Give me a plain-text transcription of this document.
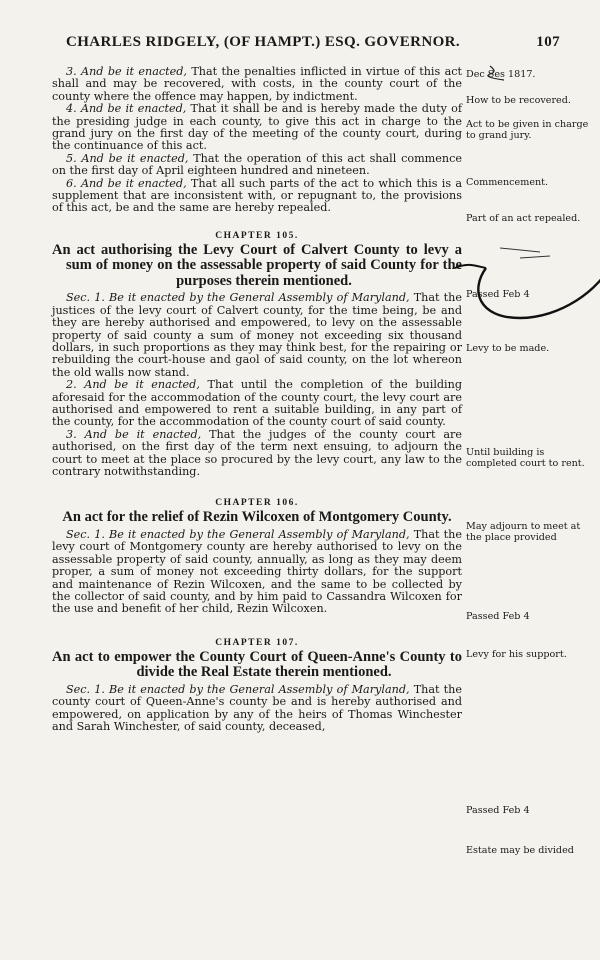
CHARLES RIDGELY, (OF HAMPT.) ESQ. GOVERNOR.	107

3. And be it enacted, That the penalties inflicted in virtue of this act shall and may be recovered, with costs, in the county court of the county where the offence may happen, by indictment.

4. And be it enacted, That it shall be and is hereby made the duty of the presiding judge in each county, to give this act in charge to the grand jury on the first day of the meeting of the county court, during the continuance of this act.

5. And be it enacted, That the operation of this act shall commence on the first day of April eighteen hundred and nineteen.

6. And be it enacted, That all such parts of the act to which this is a supplement that are inconsistent with, or repugnant to, the provisions of this act, be and the same are hereby repealed.

CHAPTER 105.

An act authorising the Levy Court of Calvert County to levy a sum of money on the assessable property of said County for the purposes therein mentioned.

Sec. 1. Be it enacted by the General Assembly of Maryland, That the justices of the levy court of Calvert county, for the time being, be and they are hereby authorised and empowered, to levy on the assessable property of said county a sum of money not exceeding six thousand dollars, in such proportions as they may think best, for the repairing or rebuilding the court-house and gaol of said county, on the lot whereon the old walls now stand.

2. And be it enacted, That until the completion of the building aforesaid for the accommodation of the county court, the levy court are authorised and empowered to rent a suitable building, in any part of the county, for the accommodation of the county court of said county.

3. And be it enacted, That the judges of the county court are authorised, on the first day of the term next ensuing, to adjourn the court to meet at the place so procured by the levy court, any law to the contrary notwithstanding.

CHAPTER 106.

An act for the relief of Rezin Wilcoxen of Montgomery County.

Sec. 1. Be it enacted by the General Assembly of Maryland, That the levy court of Montgomery county are hereby authorised to levy on the assessable property of said county, annually, as long as they may deem proper, a sum of money not exceeding thirty dollars, for the support and maintenance of Rezin Wilcoxen, and the same to be collected by the collector of said county, and by him paid to Cassandra Wilcoxen for the use and benefit of her child, Rezin Wilcoxen.

CHAPTER 107.

An act to empower the County Court of Queen-Anne's County to divide the Real Estate therein mentioned.

Sec. 1. Be it enacted by the General Assembly of Maryland, That the county court of Queen-Anne's county be and is hereby authorised and empowered, on application by any of the heirs of Thomas Winchester and Sarah Winchester, of said county, deceased,

Dec Ses 1817.
How to be recovered.
Act to be given in charge to grand jury.
Commencement.
Part of an act repealed.
Passed Feb 4
Levy to be made.
Until building is completed court to rent.
May adjourn to meet at the place provided
Passed Feb 4
Levy for his support.
Passed Feb 4
Estate may be divided
